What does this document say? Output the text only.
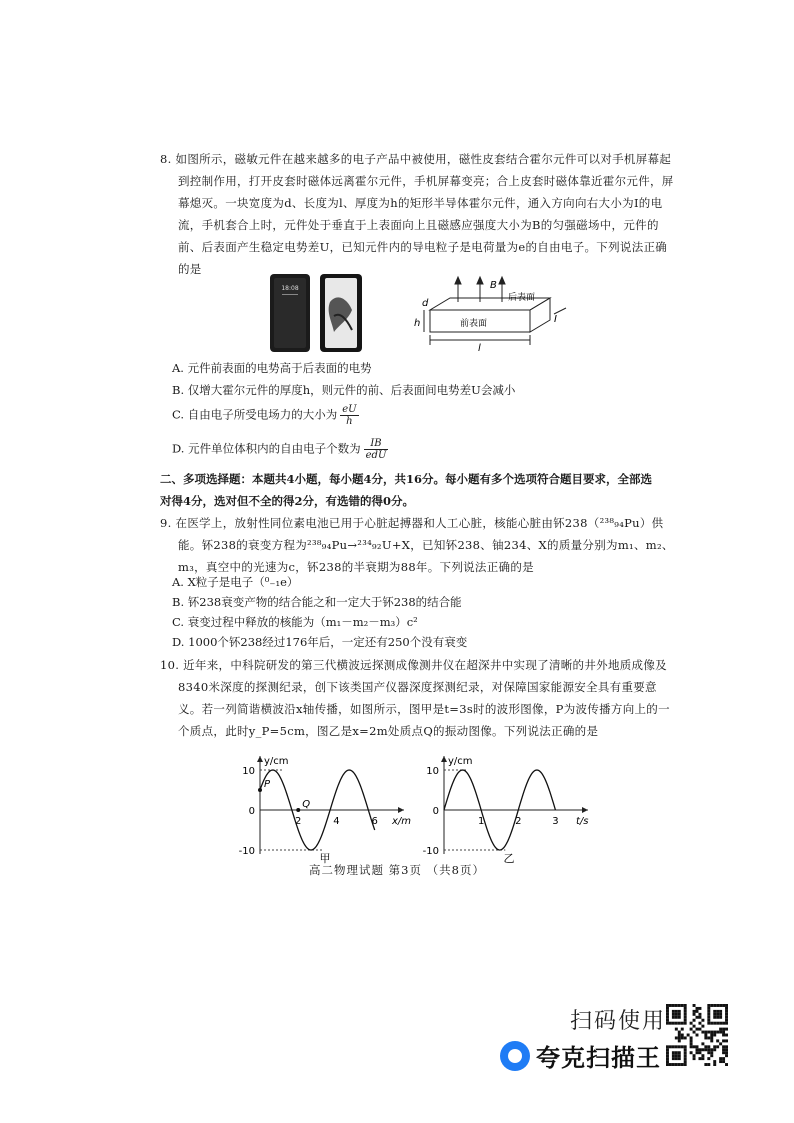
8. 如图所示，磁敏元件在越来越多的电子产品中被使用，磁性皮套结合霍尔元件可以对手机屏幕起到控制作用，打开皮套时磁体远离霍尔元件，手机屏幕变亮；合上皮套时磁体靠近霍尔元件，屏幕熄灭。一块宽度为d、长度为l、厚度为h的矩形半导体霍尔元件，通入方向向右大小为I的电流，手机套合上时，元件处于垂直于上表面向上且磁感应强度大小为B的匀强磁场中，元件的前、后表面产生稳定电势差U，已知元件内的导电粒子是电荷量为e的自由电子。下列说法正确的是
18:08	B
后表面
前表面	I
d
h
l
A. 元件前表面的电势高于后表面的电势
B. 仅增大霍尔元件的厚度h，则元件的前、后表面间电势差U会减小
C. 自由电子所受电场力的大小为 $\frac{eU}{h}$
D. 元件单位体积内的自由电子个数为 $\frac{IB}{\text{edU}}$
二、多项选择题：本题共4小题，每小题4分，共16分。每小题有多个选项符合题目要求，全部选对得4分，选对但不全的得2分，有选错的得0分。
9. 在医学上，放射性同位素电池已用于心脏起搏器和人工心脏，核能心脏由钚238（²³⁸₉₄Pu）供能。钚238的衰变方程为²³⁸₉₄Pu→²³⁴₉₂U+X，已知钚238、铀234、X的质量分别为m₁、m₂、m₃，真空中的光速为c，钚238的半衰期为88年。下列说法正确的是
A. X粒子是电子（⁰₋₁e）
B. 钚238衰变产物的结合能之和一定大于钚238的结合能
C. 衰变过程中释放的核能为（m₁－m₂－m₃）c²
D. 1000个钚238经过176年后，一定还有250个没有衰变
10. 近年来，中科院研发的第三代横波远探测成像测井仪在超深井中实现了清晰的井外地质成像及8340米深度的探测纪录，创下该类国产仪器深度探测纪录，对保障国家能源安全具有重要意义。若一列简谐横波沿x轴传播，如图所示，图甲是t=3s时的波形图像，P为波传播方向上的一个质点，此时y_P=5cm，图乙是x=2m处质点Q的振动图像。下列说法正确的是
y/cm
x/m
10
0
-10
2	4	6
甲
P
Q
y/cm
t/s
10
0
-10
1	2	3
乙
高二物理试题 第3页 （共8页）
扫码使用
夸克扫描王
